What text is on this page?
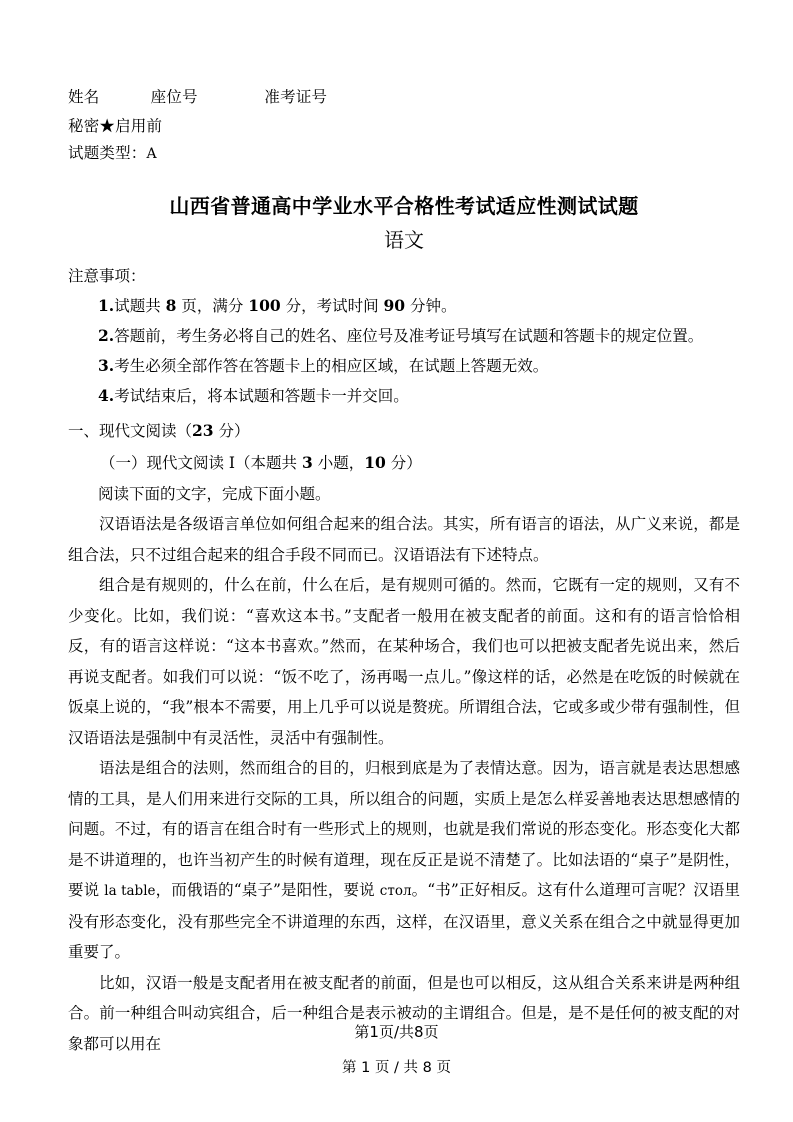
姓名          座位号             准考证号
秘密★启用前
试题类型：A
山西省普通高中学业水平合格性考试适应性测试试题
语文
注意事项：
1.试题共 8 页，满分 100 分，考试时间 90 分钟。
2.答题前，考生务必将自己的姓名、座位号及准考证号填写在试题和答题卡的规定位置。
3.考生必须全部作答在答题卡上的相应区域，在试题上答题无效。
4.考试结束后，将本试题和答题卡一并交回。
一、现代文阅读（23 分）
（一）现代文阅读 I（本题共 3 小题，10 分）
阅读下面的文字，完成下面小题。
汉语语法是各级语言单位如何组合起来的组合法。其实，所有语言的语法，从广义来说，都是组合法，只不过组合起来的组合手段不同而已。汉语语法有下述特点。
组合是有规则的，什么在前，什么在后，是有规则可循的。然而，它既有一定的规则，又有不少变化。比如，我们说：“喜欢这本书。”支配者一般用在被支配者的前面。这和有的语言恰恰相反，有的语言这样说：“这本书喜欢。”然而，在某种场合，我们也可以把被支配者先说出来，然后再说支配者。如我们可以说：“饭不吃了，汤再喝一点儿。”像这样的话，必然是在吃饭的时候就在饭桌上说的，“我”根本不需要，用上几乎可以说是赘疣。所谓组合法，它或多或少带有强制性，但汉语语法是强制中有灵活性，灵活中有强制性。
语法是组合的法则，然而组合的目的，归根到底是为了表情达意。因为，语言就是表达思想感情的工具，是人们用来进行交际的工具，所以组合的问题，实质上是怎么样妥善地表达思想感情的问题。不过，有的语言在组合时有一些形式上的规则，也就是我们常说的形态变化。形态变化大都是不讲道理的，也许当初产生的时候有道理，现在反正是说不清楚了。比如法语的“桌子”是阴性，要说 la table，而俄语的“桌子”是阳性，要说 стол。“书”正好相反。这有什么道理可言呢？汉语里没有形态变化，没有那些完全不讲道理的东西，这样，在汉语里，意义关系在组合之中就显得更加重要了。
比如，汉语一般是支配者用在被支配者的前面，但是也可以相反，这从组合关系来讲是两种组合。前一种组合叫动宾组合，后一种组合是表示被动的主谓组合。但是，是不是任何的被支配的对象都可以用在
第1页/共8页
第 1 页 / 共 8 页
